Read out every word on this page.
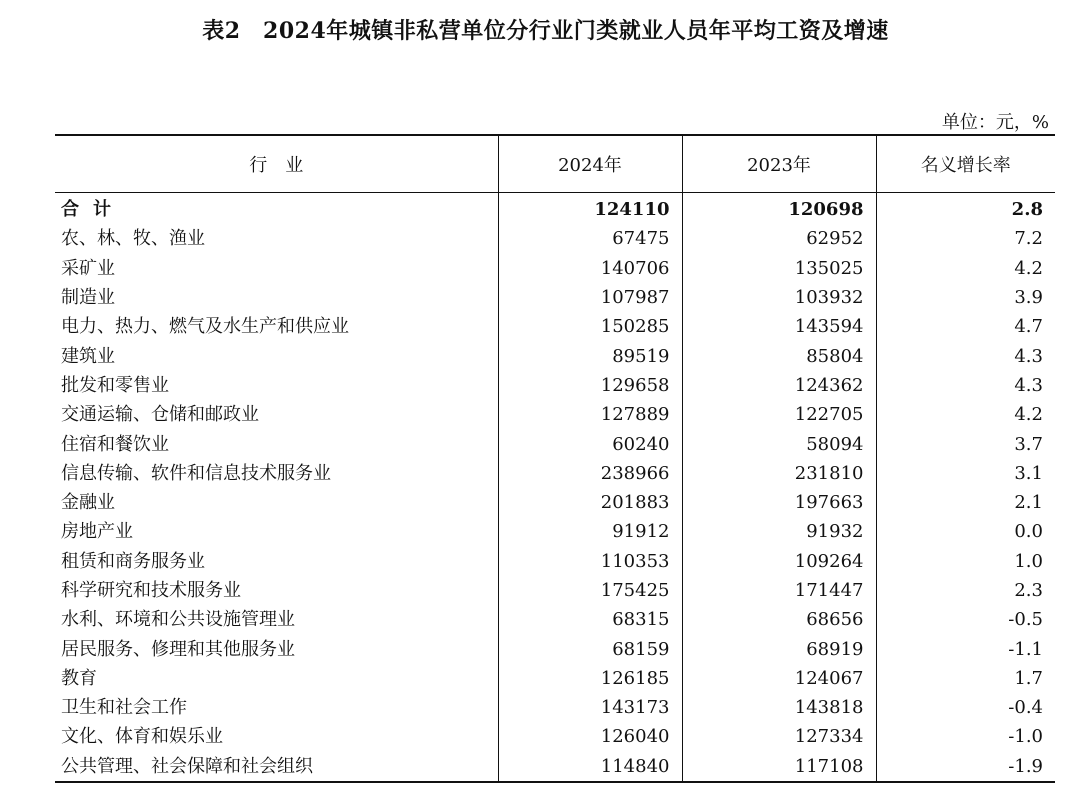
表2　2024年城镇非私营单位分行业门类就业人员年平均工资及增速
单位：元，%
行　业	2024年	2023年	名义增长率
合计	124110	120698	2.8
农、林、牧、渔业	67475	62952	7.2
采矿业	140706	135025	4.2
制造业	107987	103932	3.9
电力、热力、燃气及水生产和供应业	150285	143594	4.7
建筑业	89519	85804	4.3
批发和零售业	129658	124362	4.3
交通运输、仓储和邮政业	127889	122705	4.2
住宿和餐饮业	60240	58094	3.7
信息传输、软件和信息技术服务业	238966	231810	3.1
金融业	201883	197663	2.1
房地产业	91912	91932	0.0
租赁和商务服务业	110353	109264	1.0
科学研究和技术服务业	175425	171447	2.3
水利、环境和公共设施管理业	68315	68656	-0.5
居民服务、修理和其他服务业	68159	68919	-1.1
教育	126185	124067	1.7
卫生和社会工作	143173	143818	-0.4
文化、体育和娱乐业	126040	127334	-1.0
公共管理、社会保障和社会组织	114840	117108	-1.9
